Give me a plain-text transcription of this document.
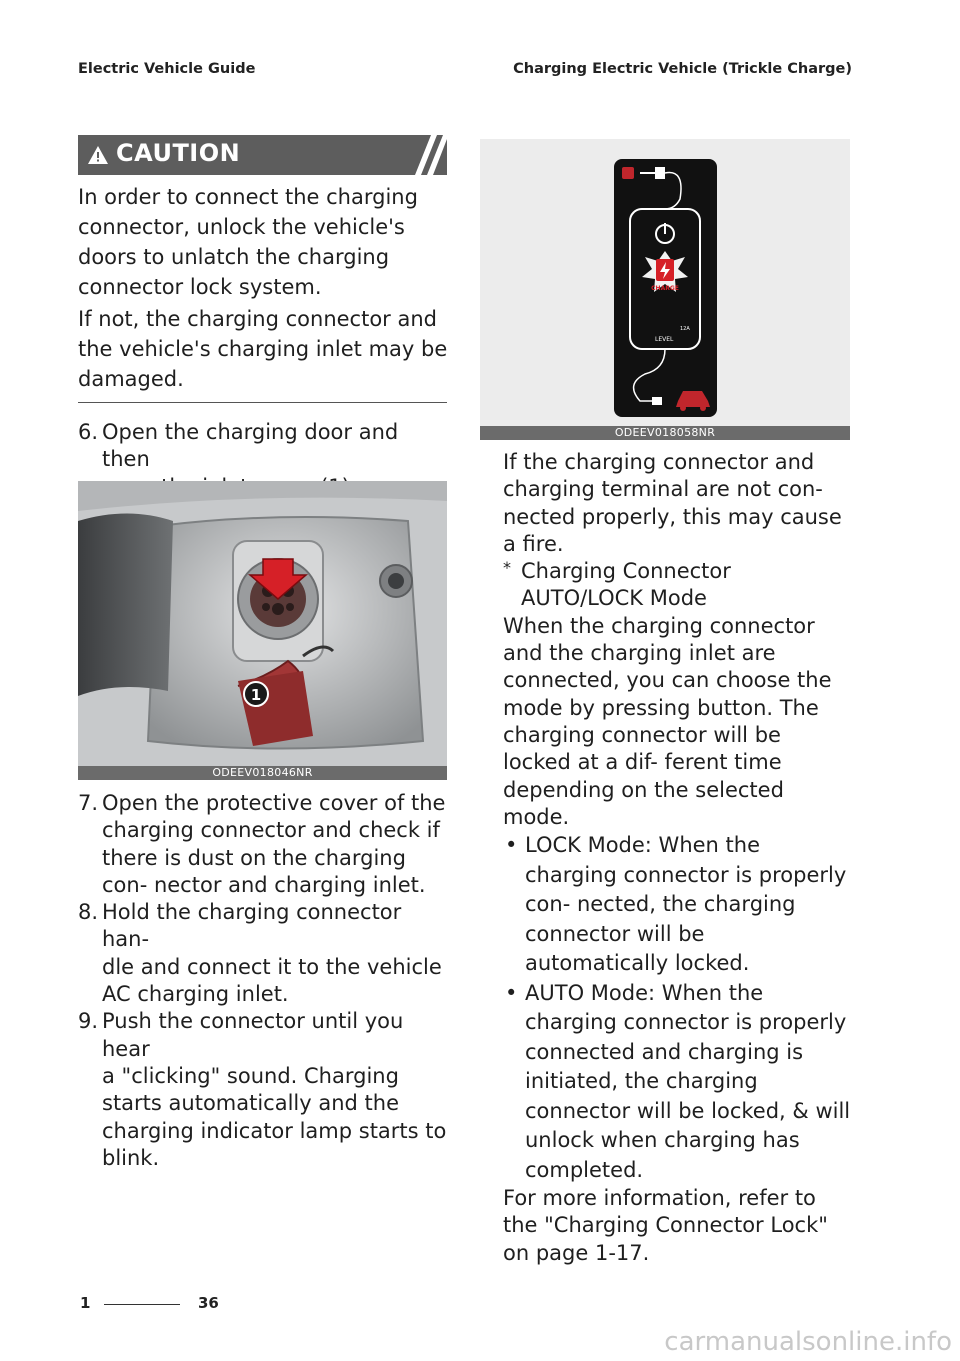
Electric Vehicle Guide	Charging Electric Vehicle (Trickle Charge)
CAUTION

In order to connect the charging connector, unlock the vehicle's doors to unlatch the charging connector lock system.

If not, the charging connector and the vehicle's charging inlet may be damaged.

6. Open the charging door and then
1
ODEEV018046NR
7. Open the protective cover of the
charging connector and check if there is dust on the charging con- nector and charging inlet.
8. Hold the charging connector han-
dle and connect it to the vehicle AC charging inlet.
9. Push the connector until you hear
a "clicking" sound. Charging starts automatically and the charging indicator lamp starts to blink.
CHARGE
12A
LEVEL
ODEEV018058NR

If the charging connector and charging terminal are not con- nected properly, this may cause a fire.

* Charging Connector AUTO/LOCK Mode

When the charging connector and the charging inlet are connected, you can choose the mode by pressing button. The charging connector will be locked at a dif- ferent time depending on the selected mode.

• LOCK Mode: When the charging connector is properly con- nected, the charging connector will be automatically locked.
• AUTO Mode: When the charging connector is properly connected and charging is initiated, the charging connector will be locked, & will unlock when charging has completed.

For more information, refer to the "Charging Connector Lock" on page 1-17.

1	36
carmanualsonline.info
